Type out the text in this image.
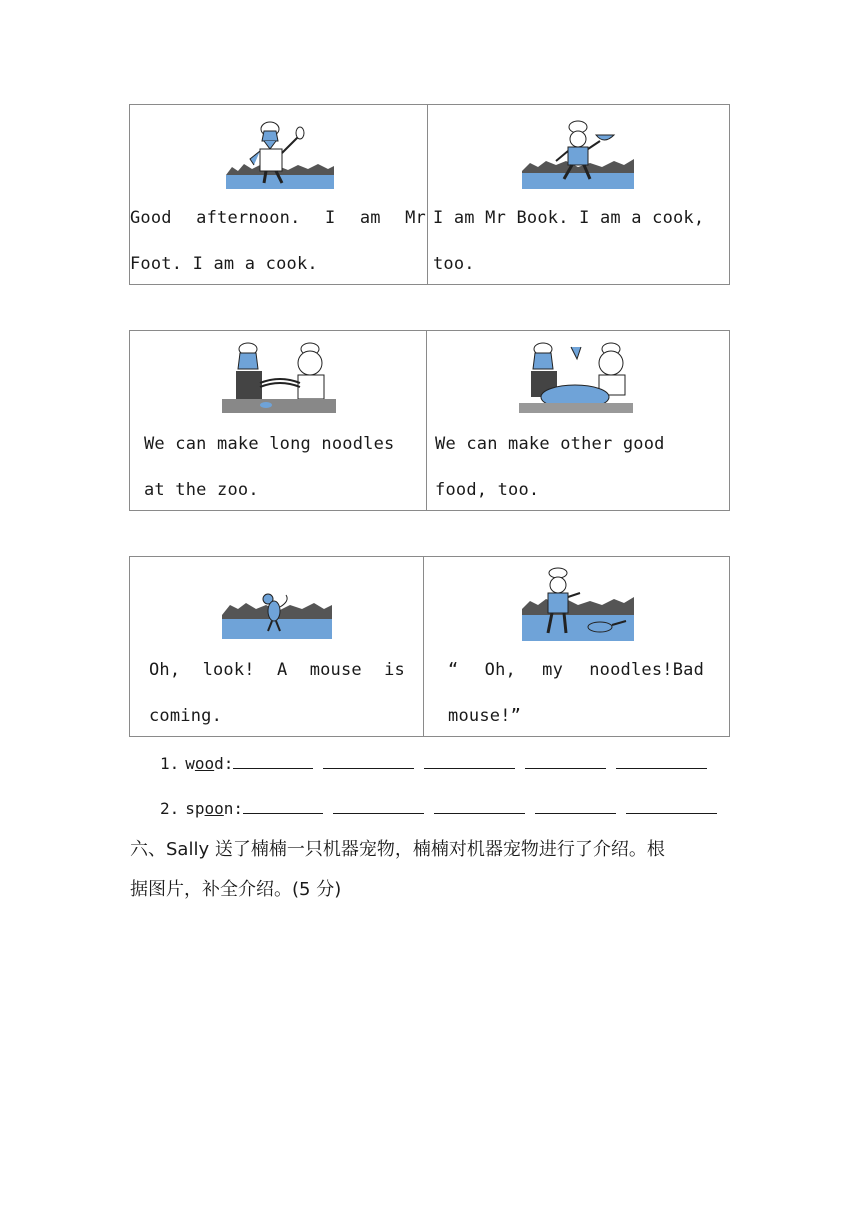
Good afternoon. I am Mr Foot. I am a cook.
I am Mr Book. I am a cook, too.
We can make long noodles at the zoo.
We can make other good food, too.
Oh, look! A mouse is coming.
“ Oh, my noodles!Bad mouse!”
1. wood:
2. spoon:
六、Sally 送了楠楠一只机器宠物，楠楠对机器宠物进行了介绍。根
据图片，补全介绍。(5 分)
